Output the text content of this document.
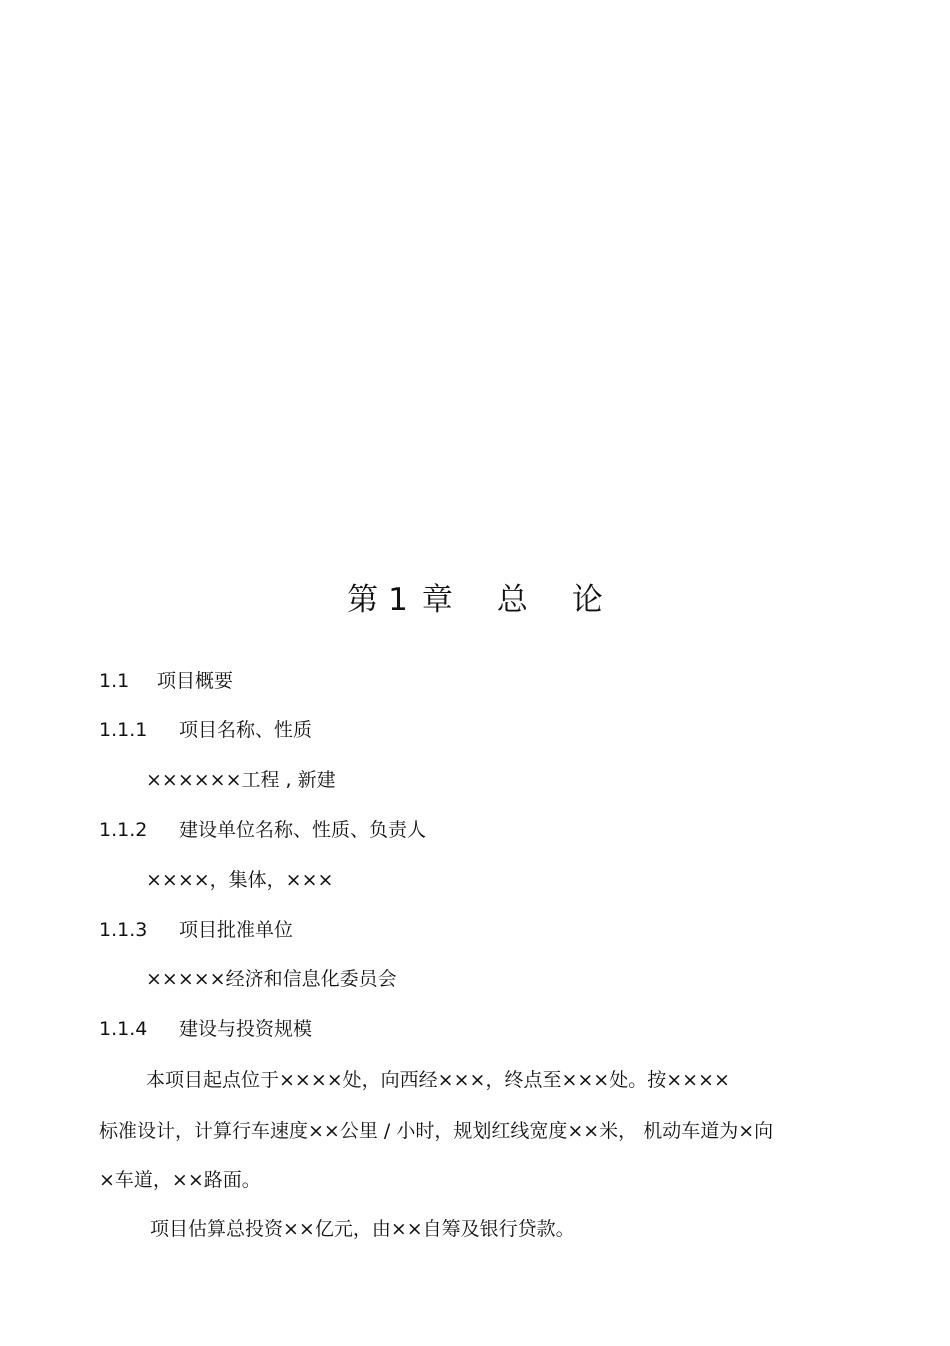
第 1 章 总 论
1.1 项目概要
1.1.1 项目名称、性质
××××××工程 , 新建
1.1.2 建设单位名称、性质、负责人
××××，集体，×××
1.1.3 项目批准单位
×××××经济和信息化委员会
1.1.4 建设与投资规模
本项目起点位于××××处，向西经×××，终点至×××处。按××××
标准设计，计算行车速度××公里 / 小时，规划红线宽度××米， 机动车道为×向
×车道，××路面。
项目估算总投资××亿元，由××自筹及银行贷款。
